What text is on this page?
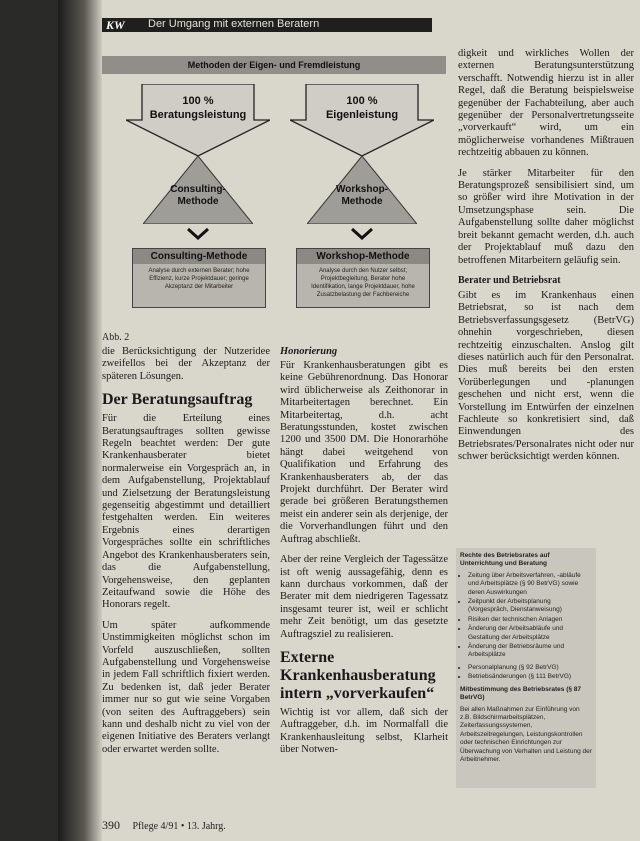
KW Der Umgang mit externen Beratern
Methoden der Eigen- und Fremdleistung
100 %
Beratungsleistung
100 %
Eigenleistung
Consulting-
Methode
Workshop-
Methode
Consulting-Methode
Analyse durch externen Berater; hohe Effizienz, kurze Projektdauer; geringe Akzeptanz der Mitarbeiter
Workshop-Methode
Analyse durch den Nutzer selbst; Projektbegleitung, Berater hohe Identifikation, lange Projektdauer, hohe Zusatzbelastung der Fachbereiche
Abb. 2

die Berücksichtigung der Nutzeridee zweifellos bei der Akzeptanz der späteren Lösungen.

Der Beratungsauftrag

Für die Erteilung eines Beratungsauftrages sollten gewisse Regeln beachtet werden: Der gute Krankenhausberater bietet normalerweise ein Vorgespräch an, in dem Aufgabenstellung, Projektablauf und Zielsetzung der Beratungsleistung gegenseitig abgestimmt und detailliert festgehalten werden. Ein weiteres Ergebnis eines derartigen Vorgespräches sollte ein schriftliches Angebot des Krankenhausberaters sein, das die Aufgabenstellung, Vorgehensweise, den geplanten Zeitaufwand sowie die Höhe des Honorars regelt.

Um später aufkommende Unstimmigkeiten möglichst schon im Vorfeld auszuschließen, sollten Aufgabenstellung und Vorgehensweise in jedem Fall schriftlich fixiert werden. Zu bedenken ist, daß jeder Berater immer nur so gut wie seine Vorgaben (von seiten des Auftraggebers) sein kann und deshalb nicht zu viel von der eigenen Initiative des Beraters verlangt oder erwartet werden sollte.

Honorierung

Für Krankenhausberatungen gibt es keine Gebührenordnung. Das Honorar wird üblicherweise als Zeithonorar in Mitarbeitertagen berechnet. Ein Mitarbeitertag, d.h. acht Beratungsstunden, kostet zwischen 1200 und 3500 DM. Die Honorarhöhe hängt dabei weitgehend von Qualifikation und Erfahrung des Krankenhausberaters ab, der das Projekt durchführt. Der Berater wird gerade bei größeren Beratungsthemen meist ein anderer sein als derjenige, der die Vorverhandlungen führt und den Auftrag abschließt.

Aber der reine Vergleich der Tagessätze ist oft wenig aussagefähig, denn es kann durchaus vorkommen, daß der Berater mit dem niedrigeren Tagessatz insgesamt teurer ist, weil er schlicht mehr Zeit benötigt, um das gesetzte Auftragsziel zu realisieren.

Externe Krankenhausberatung intern „vorverkaufen“

Wichtig ist vor allem, daß sich der Auftraggeber, d.h. im Normalfall die Krankenhausleitung selbst, Klarheit über Notwen-

digkeit und wirkliches Wollen der externen Beratungsunterstützung verschafft. Notwendig hierzu ist in aller Regel, daß die Beratung beispielsweise gegenüber der Fachabteilung, aber auch gegenüber der Personalvertretungsseite „vorverkauft“ wird, um ein möglicherweise vorhandenes Mißtrauen rechtzeitig abbauen zu können.

Je stärker Mitarbeiter für den Beratungsprozeß sensibilisiert sind, um so größer wird ihre Motivation in der Umsetzungsphase sein. Die Aufgabenstellung sollte daher möglichst breit bekannt gemacht werden, d.h. auch der Projektablauf muß dazu den betroffenen Mitarbeitern geläufig sein.

Berater und Betriebsrat

Gibt es im Krankenhaus einen Betriebsrat, so ist nach dem Betriebsverfassungsgesetz (BetrVG) ohnehin vorgeschrieben, diesen rechtzeitig einzuschalten. Anslog gilt dieses natürlich auch für den Personalrat. Dies muß bereits bei den ersten Vorüberlegungen und -planungen geschehen und nicht erst, wenn die Vorstellung im Entwürfen der einzelnen Fachleute so konkretisiert sind, daß Einwendungen des Betriebsrates/Personalrates nicht oder nur schwer berücksichtigt werden können.

Rechte des Betriebsrates auf Unterrichtung und Beratung
• Zeitung über Arbeitsverfahren, -abläufe und Arbeitsplätze (§ 90 BetrVG) sowie deren Auswirkungen
• Zeitpunkt der Arbeitsplanung (Vorgespräch, Dienstanweisung)
• Risiken der technischen Anlagen
• Änderung der Arbeitsabläufe und Gestaltung der Arbeitsplätze
• Änderung der Betriebsräume und Arbeitsplätze
• Personalplanung (§ 92 BetrVG)
• Betriebsänderungen (§ 111 BetrVG)
Mitbestimmung des Betriebsrates (§ 87 BetrVG)
Bei allen Maßnahmen zur Einführung von z.B. Bildschirmarbeitsplätzen, Zeiterfassungssystemen, Arbeitszeitregelungen, Leistungskontrollen oder technischen Einrichtungen zur Überwachung von Verhalten und Leistung der Arbeitnehmer.
390 Pflege 4/91 • 13. Jahrg.
